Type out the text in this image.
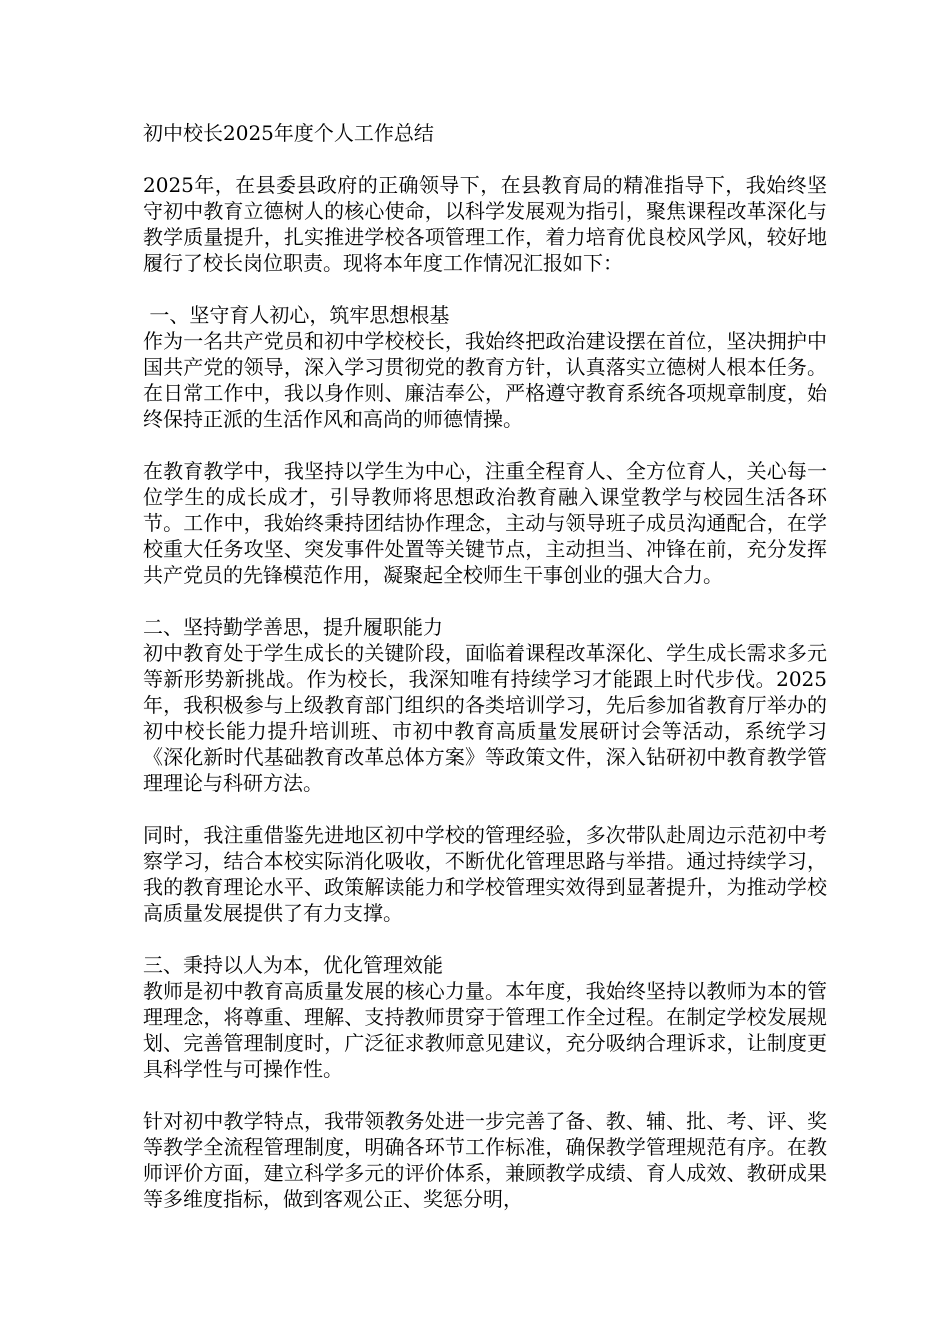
初中校长2025年度个人工作总结

2025年，在县委县政府的正确领导下，在县教育局的精准指导下，我始终坚守初中教育立德树人的核心使命，以科学发展观为指引，聚焦课程改革深化与教学质量提升，扎实推进学校各项管理工作，着力培育优良校风学风，较好地履行了校长岗位职责。现将本年度工作情况汇报如下：

一、坚守育人初心，筑牢思想根基

作为一名共产党员和初中学校校长，我始终把政治建设摆在首位，坚决拥护中国共产党的领导，深入学习贯彻党的教育方针，认真落实立德树人根本任务。在日常工作中，我以身作则、廉洁奉公，严格遵守教育系统各项规章制度，始终保持正派的生活作风和高尚的师德情操。

在教育教学中，我坚持以学生为中心，注重全程育人、全方位育人，关心每一位学生的成长成才，引导教师将思想政治教育融入课堂教学与校园生活各环节。工作中，我始终秉持团结协作理念，主动与领导班子成员沟通配合，在学校重大任务攻坚、突发事件处置等关键节点，主动担当、冲锋在前，充分发挥共产党员的先锋模范作用，凝聚起全校师生干事创业的强大合力。

二、坚持勤学善思，提升履职能力

初中教育处于学生成长的关键阶段，面临着课程改革深化、学生成长需求多元等新形势新挑战。作为校长，我深知唯有持续学习才能跟上时代步伐。2025年，我积极参与上级教育部门组织的各类培训学习，先后参加省教育厅举办的初中校长能力提升培训班、市初中教育高质量发展研讨会等活动，系统学习《深化新时代基础教育改革总体方案》等政策文件，深入钻研初中教育教学管理理论与科研方法。

同时，我注重借鉴先进地区初中学校的管理经验，多次带队赴周边示范初中考察学习，结合本校实际消化吸收，不断优化管理思路与举措。通过持续学习，我的教育理论水平、政策解读能力和学校管理实效得到显著提升，为推动学校高质量发展提供了有力支撑。

三、秉持以人为本，优化管理效能

教师是初中教育高质量发展的核心力量。本年度，我始终坚持以教师为本的管理理念，将尊重、理解、支持教师贯穿于管理工作全过程。在制定学校发展规划、完善管理制度时，广泛征求教师意见建议，充分吸纳合理诉求，让制度更具科学性与可操作性。

针对初中教学特点，我带领教务处进一步完善了备、教、辅、批、考、评、奖等教学全流程管理制度，明确各环节工作标准，确保教学管理规范有序。在教师评价方面，建立科学多元的评价体系，兼顾教学成绩、育人成效、教研成果等多维度指标，做到客观公正、奖惩分明，
